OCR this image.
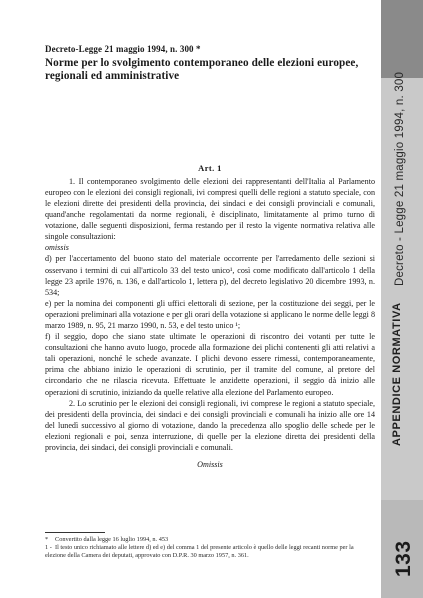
Decreto - Legge 21 maggio 1994, n. 300
APPENDICE NORMATIVA
133
Decreto-Legge 21 maggio 1994, n. 300 *
Norme per lo svolgimento contemporaneo delle elezioni europee, regionali ed amministrative
Art. 1

1. Il contemporaneo svolgimento delle elezioni dei rappresentanti dell'Italia al Parlamento europeo con le elezioni dei consigli regionali, ivi compresi quelli delle regioni a statuto speciale, con le elezioni dirette dei presidenti della provincia, dei sindaci e dei consigli provinciali e comunali, quand'anche regolamentati da norme regionali, è disciplinato, limitatamente al primo turno di votazione, dalle seguenti disposizioni, ferma restando per il resto la vigente normativa relativa alle singole consultazioni:

omissis

d) per l'accertamento del buono stato del materiale occorrente per l'arredamento delle sezioni si osservano i termini di cui all'articolo 33 del testo unico¹, così come modificato dall'articolo 1 della legge 23 aprile 1976, n. 136, e dall'articolo 1, lettera p), del decreto legislativo 20 dicembre 1993, n. 534;

e) per la nomina dei componenti gli uffici elettorali di sezione, per la costituzione dei seggi, per le operazioni preliminari alla votazione e per gli orari della votazione si applicano le norme delle leggi 8 marzo 1989, n. 95, 21 marzo 1990, n. 53, e del testo unico ¹;

f) il seggio, dopo che siano state ultimate le operazioni di riscontro dei votanti per tutte le consultazioni che hanno avuto luogo, procede alla formazione dei plichi contenenti gli atti relativi a tali operazioni, nonché le schede avanzate. I plichi devono essere rimessi, contemporaneamente, prima che abbiano inizio le operazioni di scrutinio, per il tramite del comune, al pretore del circondario che ne rilascia ricevuta. Effettuate le anzidette operazioni, il seggio dà inizio alle operazioni di scrutinio, iniziando da quelle relative alla elezione del Parlamento europeo.

2. Lo scrutinio per le elezioni dei consigli regionali, ivi comprese le regioni a statuto speciale, dei presidenti della provincia, dei sindaci e dei consigli provinciali e comunali ha inizio alle ore 14 del lunedì successivo al giorno di votazione, dando la precedenza allo spoglio delle schede per le elezioni regionali e poi, senza interruzione, di quelle per la elezione diretta dei presidenti della provincia, dei sindaci, dei consigli provinciali e comunali.

Omissis

* Convertito dalla legge 16 luglio 1994, n. 453

1 - Il testo unico richiamato alle lettere d) ed e) del comma 1 del presente articolo è quello delle leggi recanti norme per la elezione della Camera dei deputati, approvato con D.P.R. 30 marzo 1957, n. 361.
